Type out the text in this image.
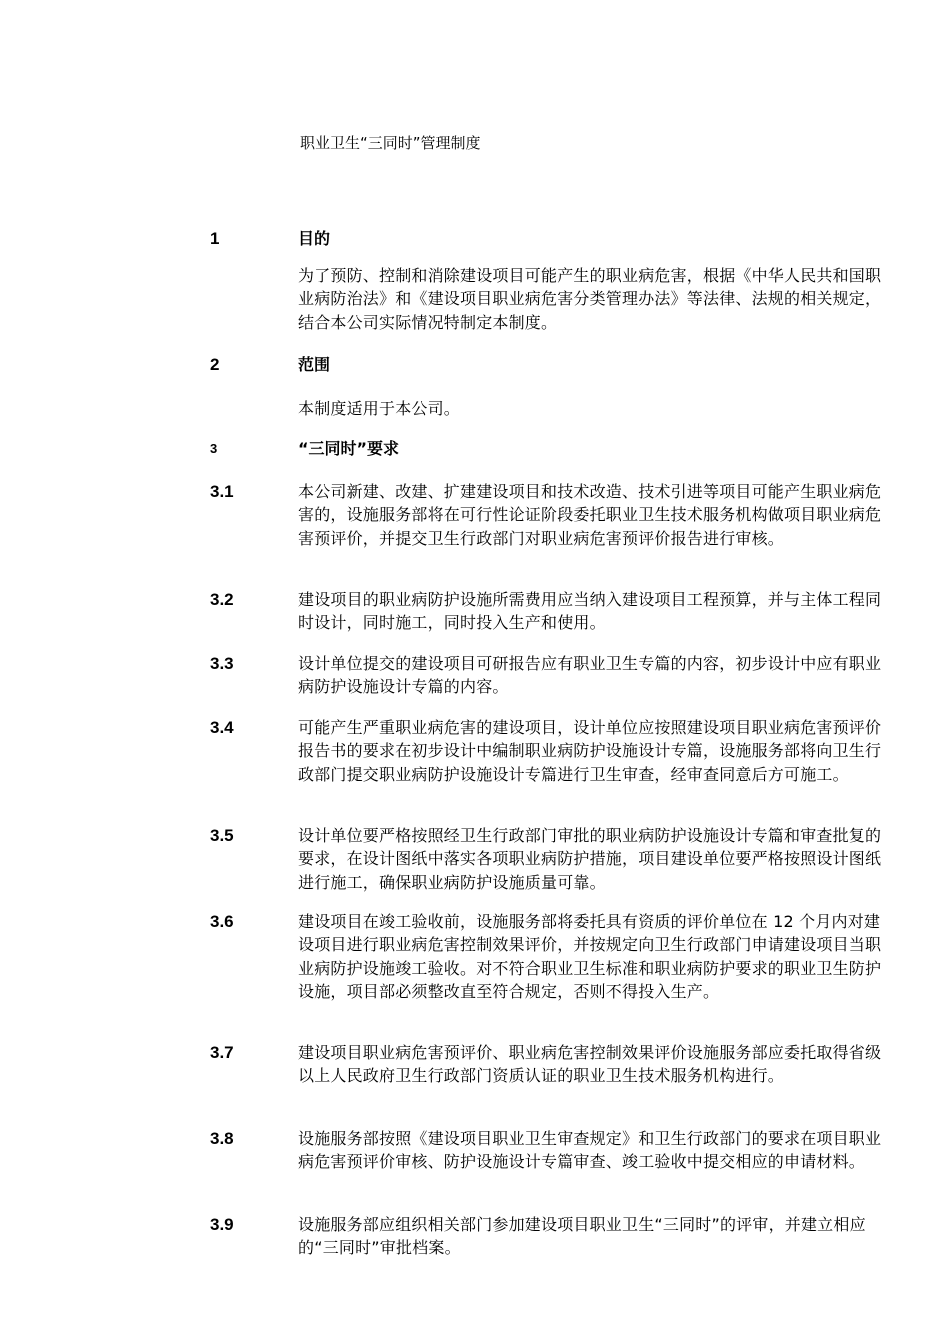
职业卫生“三同时”管理制度
1	目的
为了预防、控制和消除建设项目可能产生的职业病危害，根据《中华人民共和国职业病防治法》和《建设项目职业病危害分类管理办法》等法律、法规的相关规定，结合本公司实际情况特制定本制度。
2	范围
本制度适用于本公司。
3	“三同时”要求
3.1	本公司新建、改建、扩建建设项目和技术改造、技术引进等项目可能产生职业病危害的，设施服务部将在可行性论证阶段委托职业卫生技术服务机构做项目职业病危害预评价，并提交卫生行政部门对职业病危害预评价报告进行审核。
3.2	建设项目的职业病防护设施所需费用应当纳入建设项目工程预算，并与主体工程同时设计，同时施工，同时投入生产和使用。
3.3	设计单位提交的建设项目可研报告应有职业卫生专篇的内容，初步设计中应有职业病防护设施设计专篇的内容。
3.4	可能产生严重职业病危害的建设项目，设计单位应按照建设项目职业病危害预评价报告书的要求在初步设计中编制职业病防护设施设计专篇，设施服务部将向卫生行政部门提交职业病防护设施设计专篇进行卫生审查，经审查同意后方可施工。
3.5	设计单位要严格按照经卫生行政部门审批的职业病防护设施设计专篇和审查批复的要求，在设计图纸中落实各项职业病防护措施，项目建设单位要严格按照设计图纸进行施工，确保职业病防护设施质量可靠。
3.6	建设项目在竣工验收前，设施服务部将委托具有资质的评价单位在 12 个月内对建设项目进行职业病危害控制效果评价，并按规定向卫生行政部门申请建设项目当职业病防护设施竣工验收。对不符合职业卫生标准和职业病防护要求的职业卫生防护设施，项目部必须整改直至符合规定，否则不得投入生产。
3.7	建设项目职业病危害预评价、职业病危害控制效果评价设施服务部应委托取得省级以上人民政府卫生行政部门资质认证的职业卫生技术服务机构进行。
3.8	设施服务部按照《建设项目职业卫生审查规定》和卫生行政部门的要求在项目职业病危害预评价审核、防护设施设计专篇审查、竣工验收中提交相应的申请材料。
3.9	设施服务部应组织相关部门参加建设项目职业卫生“三同时”的评审，并建立相应的“三同时”审批档案。
